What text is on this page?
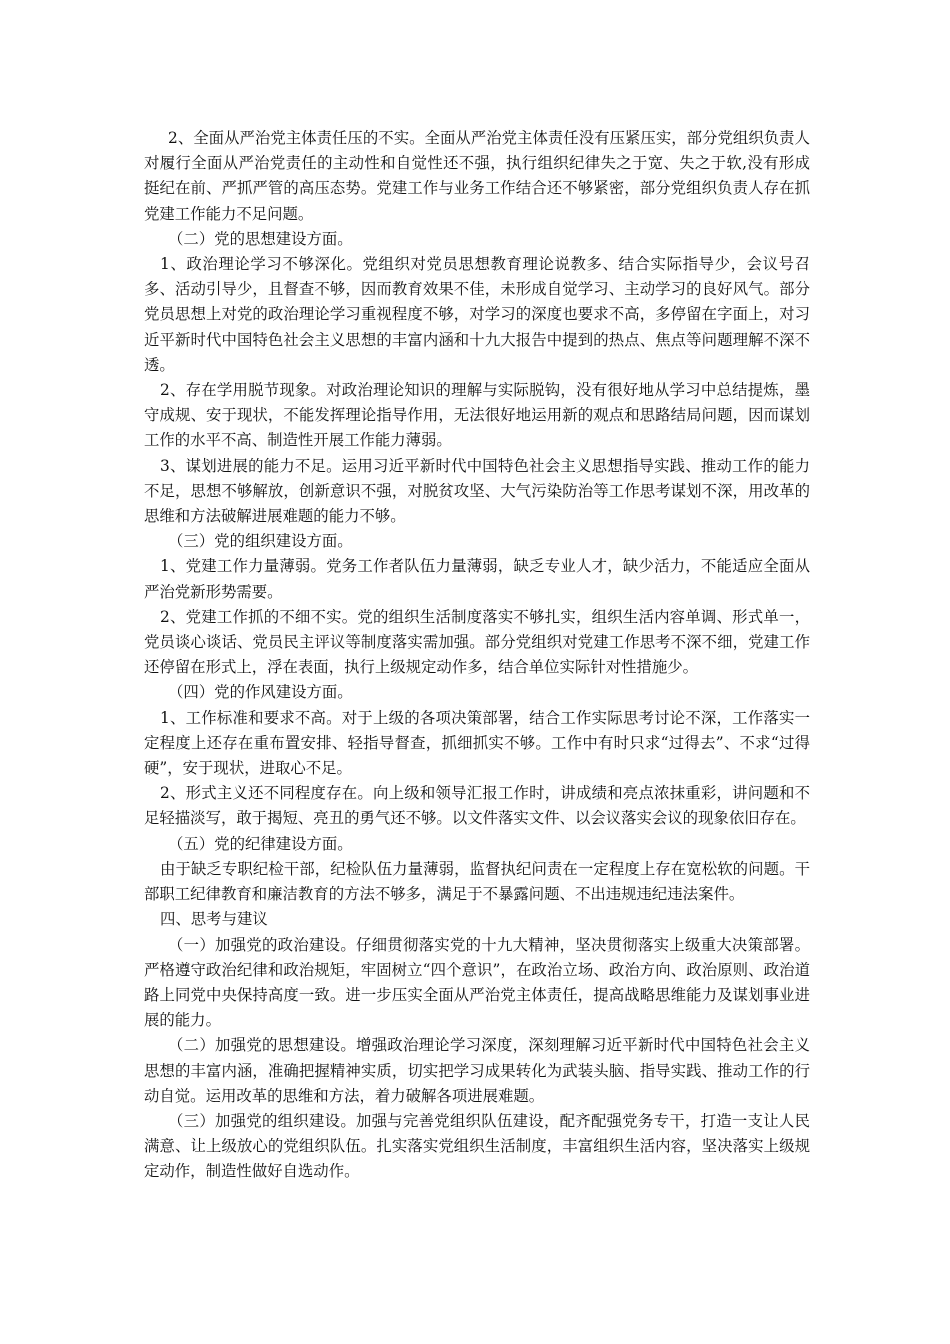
2、全面从严治党主体责任压的不实。全面从严治党主体责任没有压紧压实，部分党组织负责人对履行全面从严治党责任的主动性和自觉性还不强，执行组织纪律失之于宽、失之于软,没有形成挺纪在前、严抓严管的高压态势。党建工作与业务工作结合还不够紧密，部分党组织负责人存在抓党建工作能力不足问题。

（二）党的思想建设方面。

1、政治理论学习不够深化。党组织对党员思想教育理论说教多、结合实际指导少，会议号召多、活动引导少，且督查不够，因而教育效果不佳，未形成自觉学习、主动学习的良好风气。部分党员思想上对党的政治理论学习重视程度不够，对学习的深度也要求不高，多停留在字面上，对习近平新时代中国特色社会主义思想的丰富内涵和十九大报告中提到的热点、焦点等问题理解不深不透。

2、存在学用脱节现象。对政治理论知识的理解与实际脱钩，没有很好地从学习中总结提炼，墨守成规、安于现状，不能发挥理论指导作用，无法很好地运用新的观点和思路结局问题，因而谋划工作的水平不高、制造性开展工作能力薄弱。

3、谋划进展的能力不足。运用习近平新时代中国特色社会主义思想指导实践、推动工作的能力不足，思想不够解放，创新意识不强，对脱贫攻坚、大气污染防治等工作思考谋划不深，用改革的思维和方法破解进展难题的能力不够。

（三）党的组织建设方面。

1、党建工作力量薄弱。党务工作者队伍力量薄弱，缺乏专业人才，缺少活力，不能适应全面从严治党新形势需要。

2、党建工作抓的不细不实。党的组织生活制度落实不够扎实，组织生活内容单调、形式单一，党员谈心谈话、党员民主评议等制度落实需加强。部分党组织对党建工作思考不深不细，党建工作还停留在形式上，浮在表面，执行上级规定动作多，结合单位实际针对性措施少。

（四）党的作风建设方面。

1、工作标准和要求不高。对于上级的各项决策部署，结合工作实际思考讨论不深，工作落实一定程度上还存在重布置安排、轻指导督查，抓细抓实不够。工作中有时只求“过得去”、不求“过得硬”，安于现状，进取心不足。

2、形式主义还不同程度存在。向上级和领导汇报工作时，讲成绩和亮点浓抹重彩，讲问题和不足轻描淡写，敢于揭短、亮丑的勇气还不够。以文件落实文件、以会议落实会议的现象依旧存在。

（五）党的纪律建设方面。

由于缺乏专职纪检干部，纪检队伍力量薄弱，监督执纪问责在一定程度上存在宽松软的问题。干部职工纪律教育和廉洁教育的方法不够多，满足于不暴露问题、不出违规违纪违法案件。

四、思考与建议

（一）加强党的政治建设。仔细贯彻落实党的十九大精神，坚决贯彻落实上级重大决策部署。严格遵守政治纪律和政治规矩，牢固树立“四个意识”，在政治立场、政治方向、政治原则、政治道路上同党中央保持高度一致。进一步压实全面从严治党主体责任，提高战略思维能力及谋划事业进展的能力。

（二）加强党的思想建设。增强政治理论学习深度，深刻理解习近平新时代中国特色社会主义思想的丰富内涵，准确把握精神实质，切实把学习成果转化为武装头脑、指导实践、推动工作的行动自觉。运用改革的思维和方法，着力破解各项进展难题。

（三）加强党的组织建设。加强与完善党组织队伍建设，配齐配强党务专干，打造一支让人民满意、让上级放心的党组织队伍。扎实落实党组织生活制度，丰富组织生活内容，坚决落实上级规定动作，制造性做好自选动作。
